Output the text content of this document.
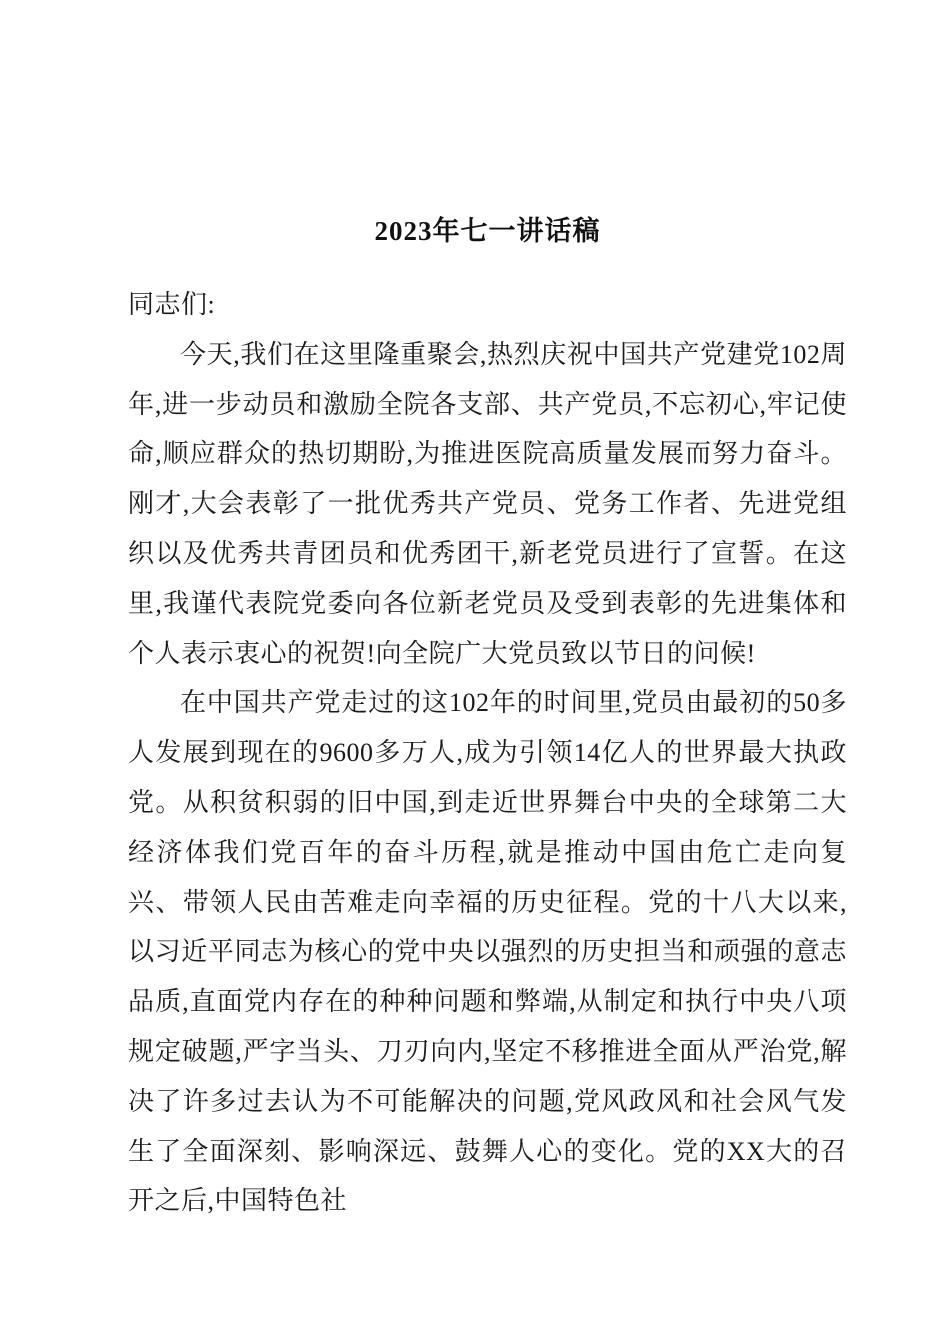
2023年七一讲话稿

同志们:

今天,我们在这里隆重聚会,热烈庆祝中国共产党建党102周年,进一步动员和激励全院各支部、共产党员,不忘初心,牢记使命,顺应群众的热切期盼,为推进医院高质量发展而努力奋斗。刚才,大会表彰了一批优秀共产党员、党务工作者、先进党组织以及优秀共青团员和优秀团干,新老党员进行了宣誓。在这里,我谨代表院党委向各位新老党员及受到表彰的先进集体和个人表示衷心的祝贺!向全院广大党员致以节日的问候!

在中国共产党走过的这102年的时间里,党员由最初的50多人发展到现在的9600多万人,成为引领14亿人的世界最大执政党。从积贫积弱的旧中国,到走近世界舞台中央的全球第二大经济体我们党百年的奋斗历程,就是推动中国由危亡走向复兴、带领人民由苦难走向幸福的历史征程。党的十八大以来,以习近平同志为核心的党中央以强烈的历史担当和顽强的意志品质,直面党内存在的种种问题和弊端,从制定和执行中央八项规定破题,严字当头、刀刃向内,坚定不移推进全面从严治党,解决了许多过去认为不可能解决的问题,党风政风和社会风气发生了全面深刻、影响深远、鼓舞人心的变化。党的XX大的召开之后,中国特色社
